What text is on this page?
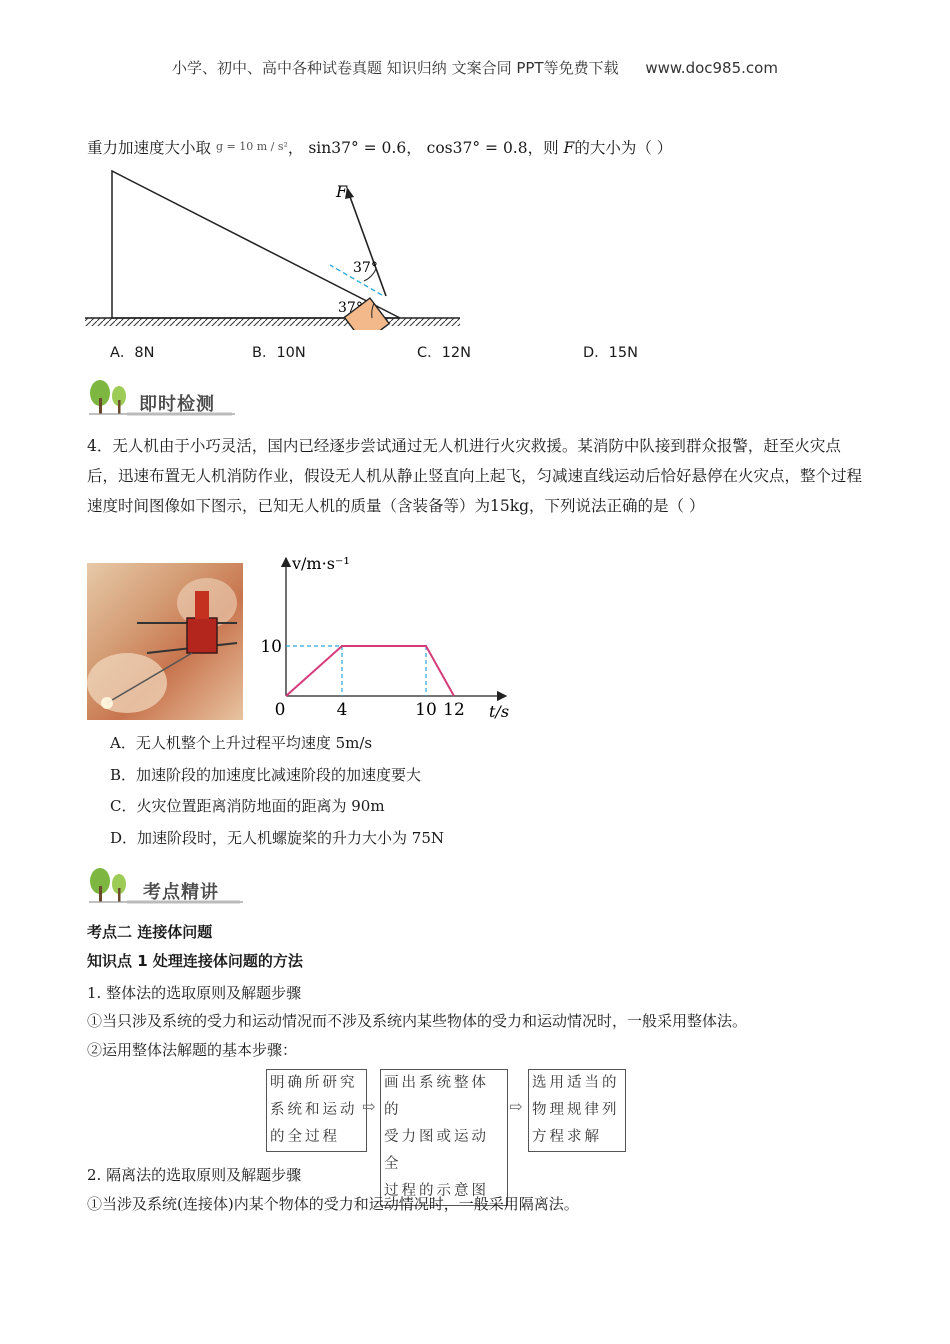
小学、初中、高中各种试卷真题 知识归纳 文案合同 PPT等免费下载 www.doc985.com
重力加速度大小取 g = 10 m / s²， sin37° = 0.6， cos37° = 0.8，则 F的大小为（ ）
F
37°
37°
A．8N	B．10N	C．12N	D．15N
即时检测
4．无人机由于小巧灵活，国内已经逐步尝试通过无人机进行火灾救援。某消防中队接到群众报警，赶至火灾点后，迅速布置无人机消防作业，假设无人机从静止竖直向上起飞，匀减速直线运动后恰好悬停在火灾点，整个过程速度时间图像如下图示，已知无人机的质量（含装备等）为15kg，下列说法正确的是（ ）
v/m·s⁻¹
t/s
10
0	4	10 12
A．无人机整个上升过程平均速度 5m/s
B．加速阶段的加速度比减速阶段的加速度要大
C．火灾位置距离消防地面的距离为 90m
D．加速阶段时，无人机螺旋桨的升力大小为 75N
考点精讲
考点二 连接体问题
知识点 1 处理连接体问题的方法
1. 整体法的选取原则及解题步骤
①当只涉及系统的受力和运动情况而不涉及系统内某些物体的受力和运动情况时，一般采用整体法。
②运用整体法解题的基本步骤：
明确所研究
系统和运动
的全过程
⇨
画出系统整体的
受力图或运动全
过程的示意图
⇨
选用适当的
物理规律列
方程求解
2. 隔离法的选取原则及解题步骤
①当涉及系统(连接体)内某个物体的受力和运动情况时，一般采用隔离法。
